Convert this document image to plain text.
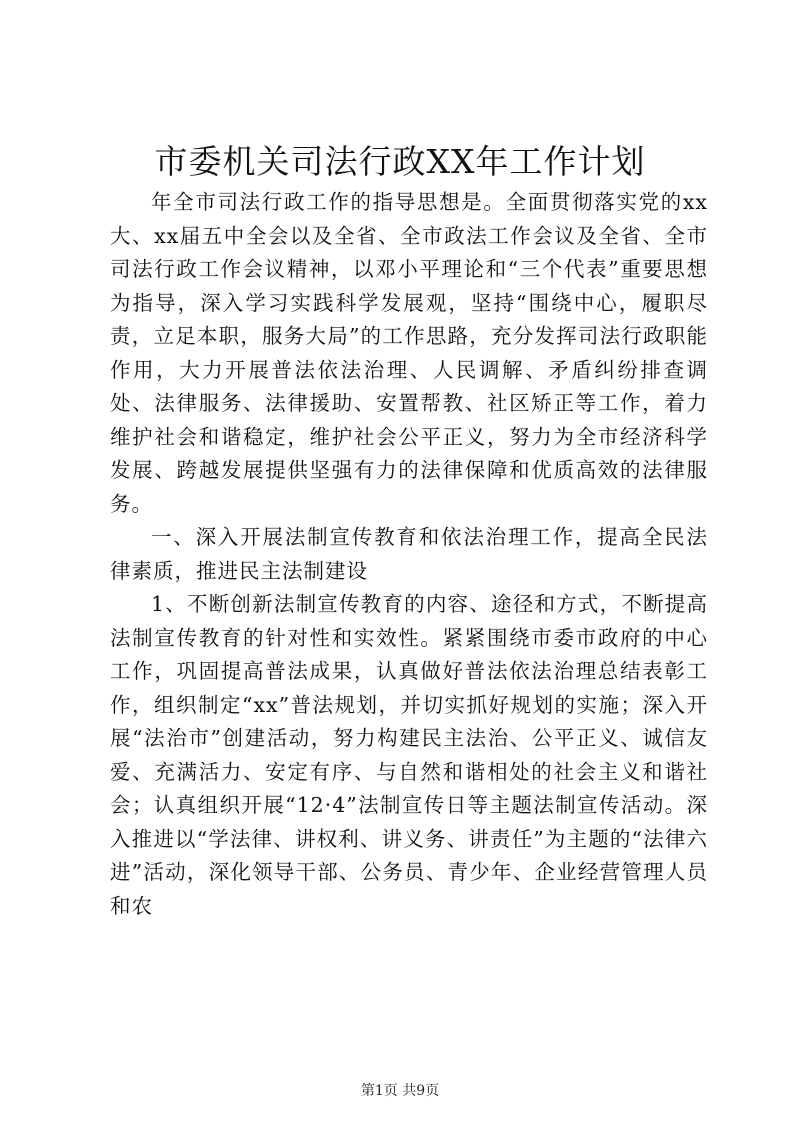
市委机关司法行政XX年工作计划

年全市司法行政工作的指导思想是。全面贯彻落实党的xx大、xx届五中全会以及全省、全市政法工作会议及全省、全市司法行政工作会议精神，以邓小平理论和“三个代表”重要思想为指导，深入学习实践科学发展观，坚持“围绕中心，履职尽责，立足本职，服务大局”的工作思路，充分发挥司法行政职能作用，大力开展普法依法治理、人民调解、矛盾纠纷排查调处、法律服务、法律援助、安置帮教、社区矫正等工作，着力维护社会和谐稳定，维护社会公平正义，努力为全市经济科学发展、跨越发展提供坚强有力的法律保障和优质高效的法律服务。

一、深入开展法制宣传教育和依法治理工作，提高全民法律素质，推进民主法制建设

1、不断创新法制宣传教育的内容、途径和方式，不断提高法制宣传教育的针对性和实效性。紧紧围绕市委市政府的中心工作，巩固提高普法成果，认真做好普法依法治理总结表彰工作，组织制定“xx”普法规划，并切实抓好规划的实施；深入开展“法治市”创建活动，努力构建民主法治、公平正义、诚信友爱、充满活力、安定有序、与自然和谐相处的社会主义和谐社会；认真组织开展“12·4”法制宣传日等主题法制宣传活动。深入推进以“学法律、讲权利、讲义务、讲责任”为主题的“法律六进”活动，深化领导干部、公务员、青少年、企业经营管理人员和农

第1页 共9页
